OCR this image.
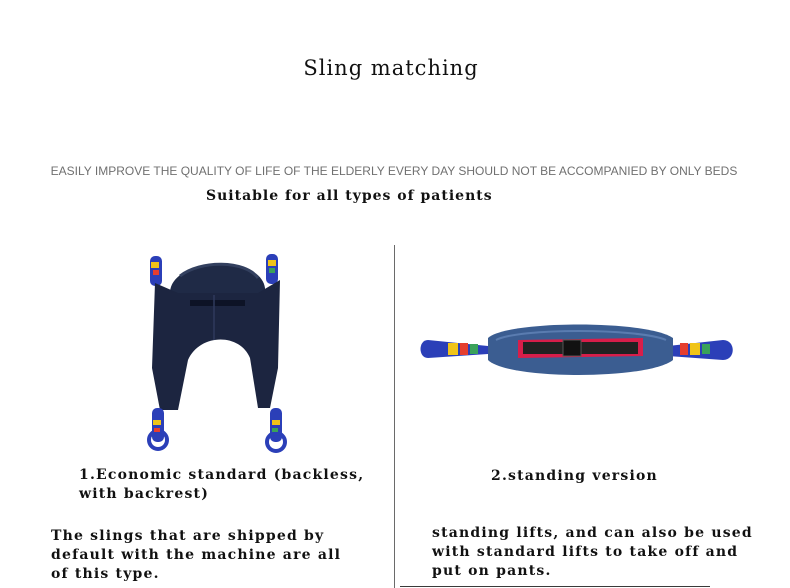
Sling matching
EASILY IMPROVE THE QUALITY OF LIFE OF THE ELDERLY EVERY DAY SHOULD NOT BE ACCOMPANIED BY ONLY BEDS
Suitable for all types of patients
1.Economic standard (backless,
with backrest)
2.standing version
The slings that are shipped by
default with the machine are all
of this type.
standing lifts, and can also be used
with standard lifts to take off and
put on pants.
